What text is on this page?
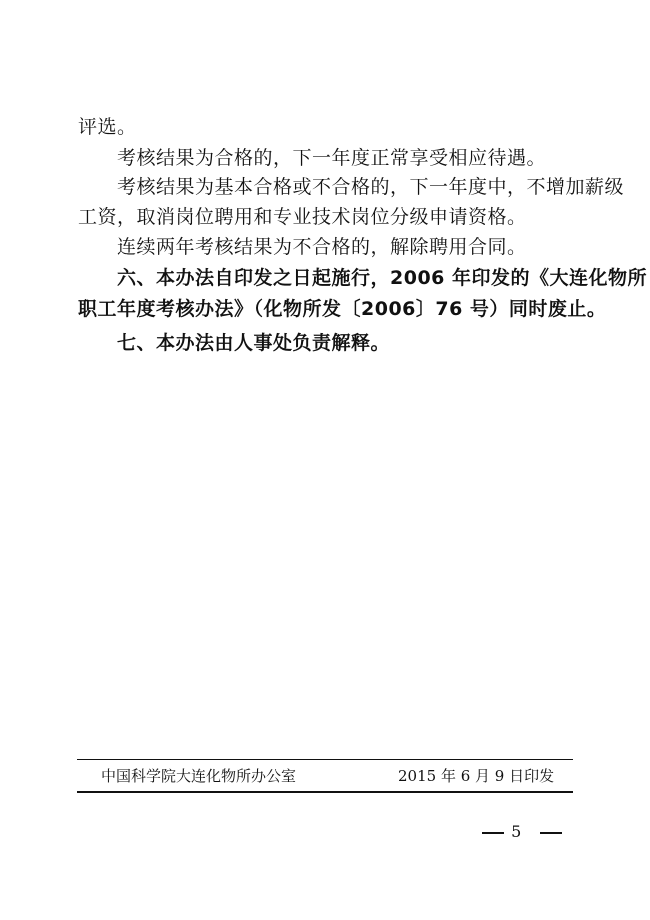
评选。
考核结果为合格的，下一年度正常享受相应待遇。
考核结果为基本合格或不合格的，下一年度中，不增加薪级
工资，取消岗位聘用和专业技术岗位分级申请资格。
连续两年考核结果为不合格的，解除聘用合同。
六、本办法自印发之日起施行，2006 年印发的《大连化物所
职工年度考核办法》（化物所发〔2006〕76 号）同时废止。
七、本办法由人事处负责解释。
中国科学院大连化物所办公室	2015 年 6 月 9 日印发
5
